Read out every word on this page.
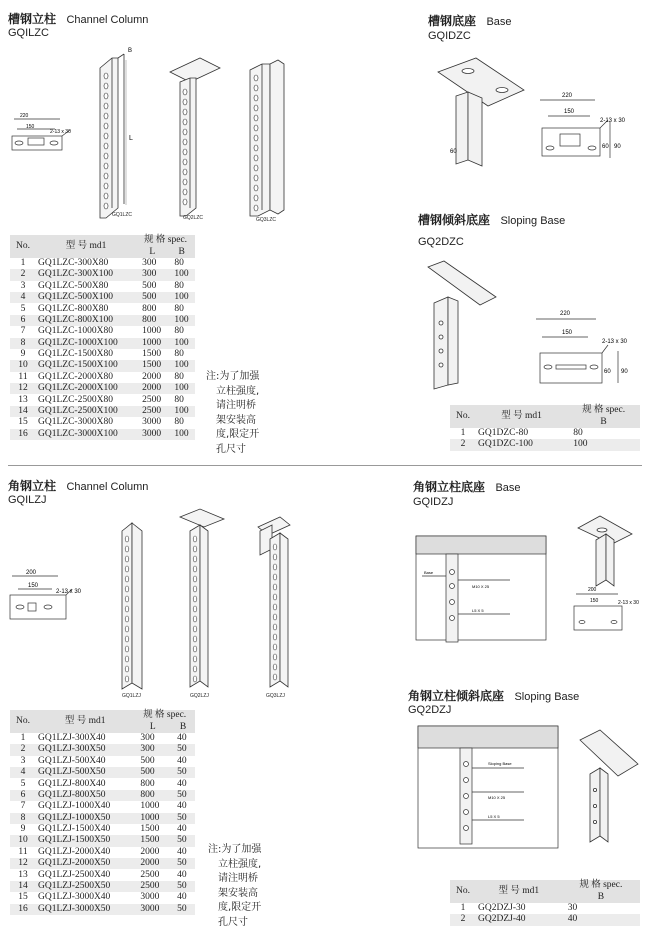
槽钢立柱 Channel Column
GQILZC
220
150
2-13 x 30
B
L
GQ1LZC	GQ2LZC	GQ3LZC
No.	型 号 md1	规 格 spec.	
		L	B
1	GQ1LZC-300X80	300	80
2	GQ1LZC-300X100	300	100
3	GQ1LZC-500X80	500	80
4	GQ1LZC-500X100	500	100
5	GQ1LZC-800X80	800	80
6	GQ1LZC-800X100	800	100
7	GQ1LZC-1000X80	1000	80
8	GQ1LZC-1000X100	1000	100
9	GQ1LZC-1500X80	1500	80
10	GQ1LZC-1500X100	1500	100
11	GQ1LZC-2000X80	2000	80
12	GQ1LZC-2000X100	2000	100
13	GQ1LZC-2500X80	2500	80
14	GQ1LZC-2500X100	2500	100
15	GQ1LZC-3000X80	3000	80
16	GQ1LZC-3000X100	3000	100
注:为了加强
立柱强度,
请注明桥
架安装高
度,限定开
孔尺寸
槽钢底座 Base
GQIDZC
60
220
150
2-13 x 30
60 90
槽钢倾斜底座 Sloping Base
GQ2DZC
220
150
2-13 x 30
60 90
No.	型 号 md1	规 格 spec.
		B
1	GQ1DZC-80	80
2	GQ1DZC-100	100
角钢立柱 Channel Column
GQILZJ
200
150
2-13 x 30
GQ1LZJ	GQ2LZJ	GQ3LZJ
No.	型 号 md1	规 格 spec.	
		L	B
1	GQ1LZJ-300X40	300	40
2	GQ1LZJ-300X50	300	50
3	GQ1LZJ-500X40	500	40
4	GQ1LZJ-500X50	500	50
5	GQ1LZJ-800X40	800	40
6	GQ1LZJ-800X50	800	50
7	GQ1LZJ-1000X40	1000	40
8	GQ1LZJ-1000X50	1000	50
9	GQ1LZJ-1500X40	1500	40
10	GQ1LZJ-1500X50	1500	50
11	GQ1LZJ-2000X40	2000	40
12	GQ1LZJ-2000X50	2000	50
13	GQ1LZJ-2500X40	2500	40
14	GQ1LZJ-2500X50	2500	50
15	GQ1LZJ-3000X40	3000	40
16	GQ1LZJ-3000X50	3000	50
注:为了加强
立柱强度,
请注明桥
架安装高
度,限定开
孔尺寸
角钢立柱底座 Base
GQIDZJ
Base
M10 X 25
L5 X 5
200
150	2-13 x 30
角钢立柱倾斜底座 Sloping Base
GQ2DZJ
Sloping Base
M10 X 25
L5 X 5
No.	型 号 md1	规 格 spec.
		B
1	GQ2DZJ-30	30
2	GQ2DZJ-40	40
